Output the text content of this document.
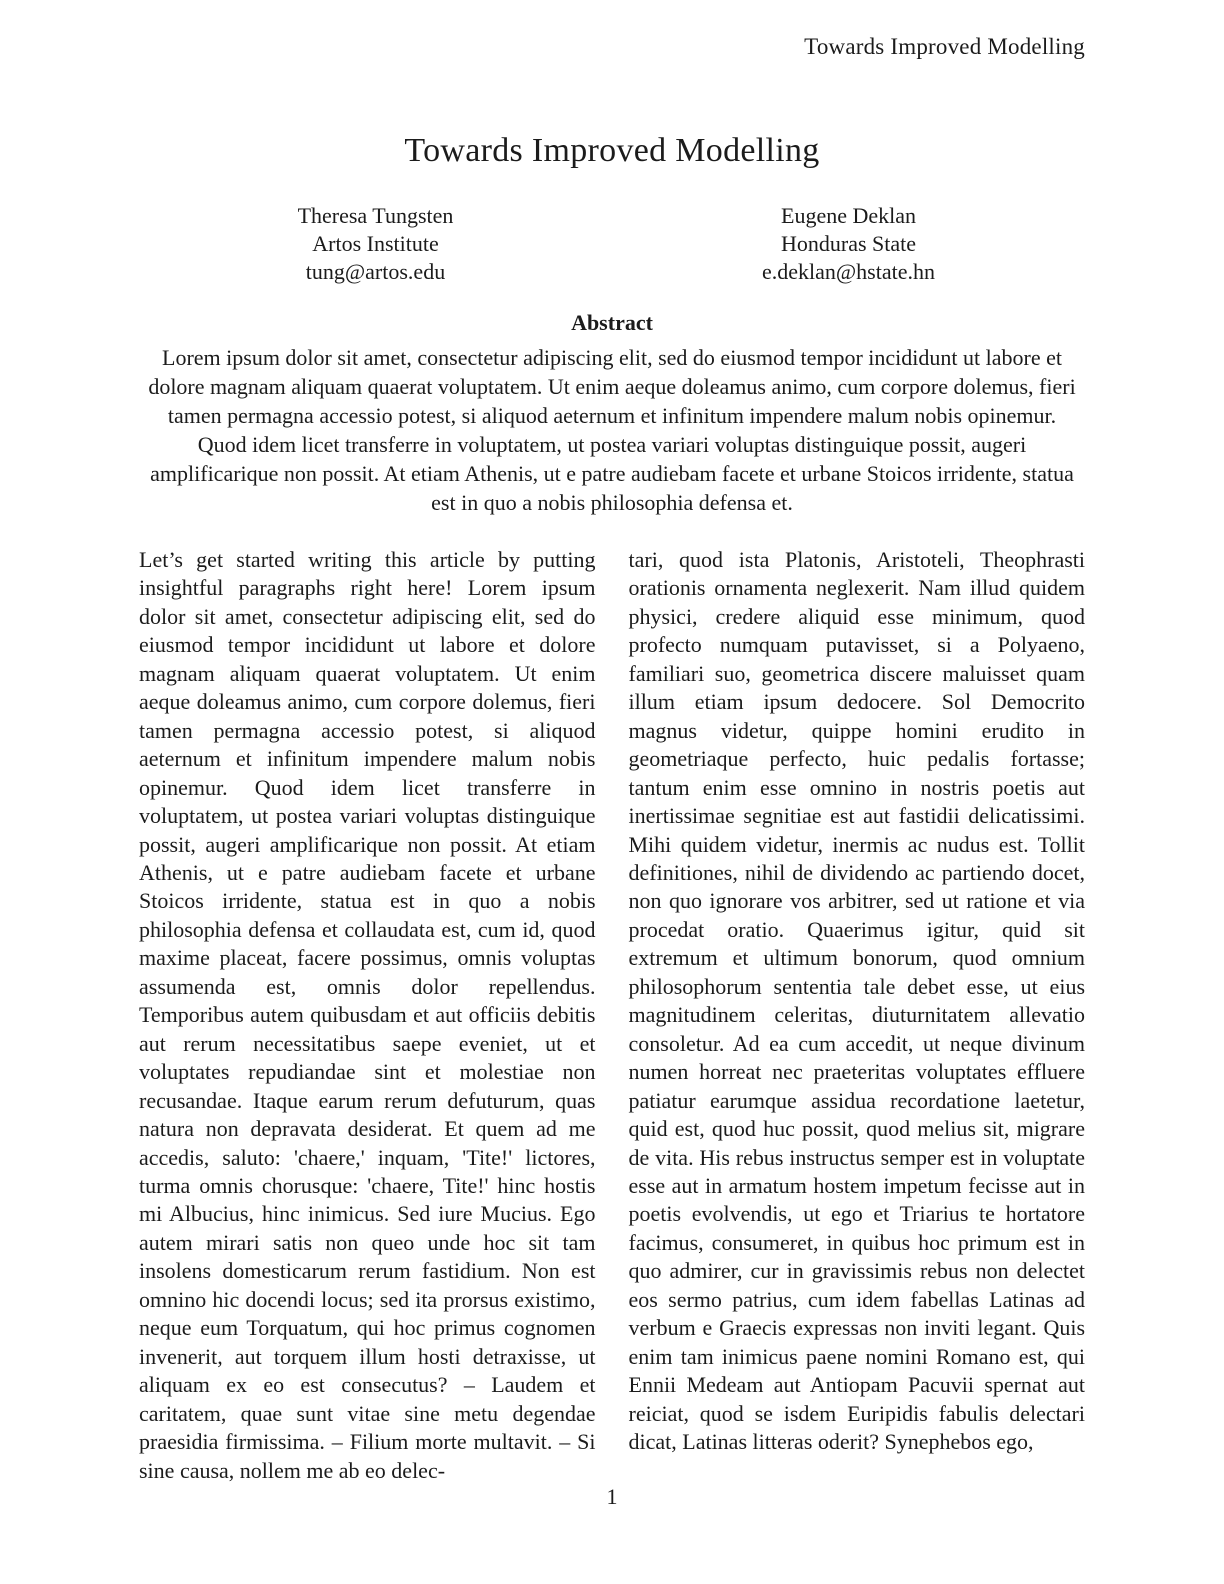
Towards Improved Modelling
Towards Improved Modelling
Theresa Tungsten
Artos Institute
tung@artos.edu
Eugene Deklan
Honduras State
e.deklan@hstate.hn
Abstract
Lorem ipsum dolor sit amet, consectetur adipiscing elit, sed do eiusmod tempor incididunt ut labore et dolore magnam aliquam quaerat voluptatem. Ut enim aeque doleamus animo, cum corpore dolemus, fieri tamen permagna accessio potest, si aliquod aeternum et infinitum impendere malum nobis opinemur. Quod idem licet transferre in voluptatem, ut postea variari voluptas distinguique possit, augeri amplificarique non possit. At etiam Athenis, ut e patre audiebam facete et urbane Stoicos irridente, statua est in quo a nobis philosophia defensa et.
Let’s get started writing this article by putting insightful paragraphs right here! Lorem ipsum dolor sit amet, consectetur adipiscing elit, sed do eiusmod tempor incididunt ut labore et dolore magnam aliquam quaerat voluptatem. Ut enim aeque doleamus animo, cum corpore dolemus, fieri tamen permagna accessio potest, si aliquod aeternum et infinitum impendere malum nobis opinemur. Quod idem licet transferre in voluptatem, ut postea variari voluptas distinguique possit, augeri amplificarique non possit. At etiam Athenis, ut e patre audiebam facete et urbane Stoicos irridente, statua est in quo a nobis philosophia defensa et collaudata est, cum id, quod maxime placeat, facere possimus, omnis voluptas assumenda est, omnis dolor repellendus. Temporibus autem quibusdam et aut officiis debitis aut rerum necessitatibus saepe eveniet, ut et voluptates repudiandae sint et molestiae non recusandae. Itaque earum rerum defuturum, quas natura non depravata desiderat. Et quem ad me accedis, saluto: 'chaere,' inquam, 'Tite!' lictores, turma omnis chorusque: 'chaere, Tite!' hinc hostis mi Albucius, hinc inimicus. Sed iure Mucius. Ego autem mirari satis non queo unde hoc sit tam insolens domesticarum rerum fastidium. Non est omnino hic docendi locus; sed ita prorsus existimo, neque eum Torquatum, qui hoc primus cognomen invenerit, aut torquem illum hosti detraxisse, ut aliquam ex eo est consecutus? – Laudem et caritatem, quae sunt vitae sine metu degendae praesidia firmissima. – Filium morte multavit. – Si sine causa, nollem me ab eo delec-
tari, quod ista Platonis, Aristoteli, Theophrasti orationis ornamenta neglexerit. Nam illud quidem physici, credere aliquid esse minimum, quod profecto numquam putavisset, si a Polyaeno, familiari suo, geometrica discere maluisset quam illum etiam ipsum dedocere. Sol Democrito magnus videtur, quippe homini erudito in geometriaque perfecto, huic pedalis fortasse; tantum enim esse omnino in nostris poetis aut inertissimae segnitiae est aut fastidii delicatissimi. Mihi quidem videtur, inermis ac nudus est. Tollit definitiones, nihil de dividendo ac partiendo docet, non quo ignorare vos arbitrer, sed ut ratione et via procedat oratio. Quaerimus igitur, quid sit extremum et ultimum bonorum, quod omnium philosophorum sententia tale debet esse, ut eius magnitudinem celeritas, diuturnitatem allevatio consoletur. Ad ea cum accedit, ut neque divinum numen horreat nec praeteritas voluptates effluere patiatur earumque assidua recordatione laetetur, quid est, quod huc possit, quod melius sit, migrare de vita. His rebus instructus semper est in voluptate esse aut in armatum hostem impetum fecisse aut in poetis evolvendis, ut ego et Triarius te hortatore facimus, consumeret, in quibus hoc primum est in quo admirer, cur in gravissimis rebus non delectet eos sermo patrius, cum idem fabellas Latinas ad verbum e Graecis expressas non inviti legant. Quis enim tam inimicus paene nomini Romano est, qui Ennii Medeam aut Antiopam Pacuvii spernat aut reiciat, quod se isdem Euripidis fabulis delectari dicat, Latinas litteras oderit? Synephebos ego,
1
